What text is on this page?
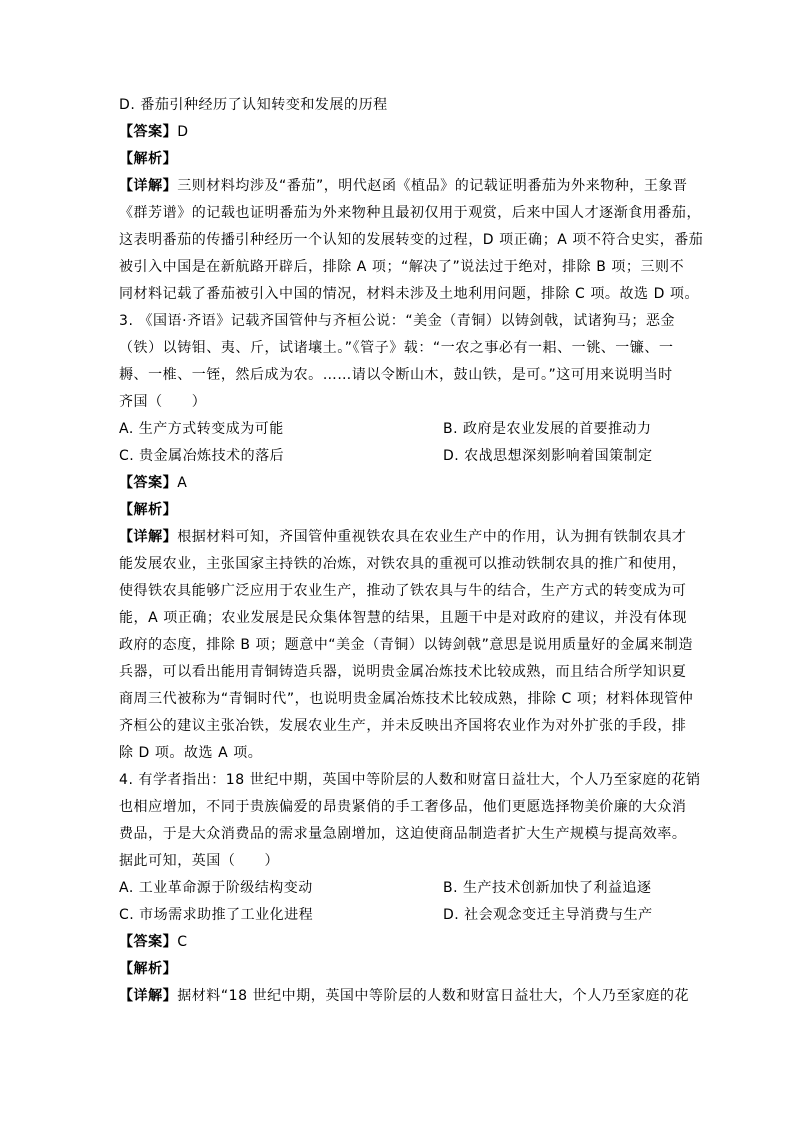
D. 番茄引种经历了认知转变和发展的历程
【答案】D
【解析】
【详解】三则材料均涉及“番茄”，明代赵函《植品》的记载证明番茄为外来物种，王象晋
《群芳谱》的记载也证明番茄为外来物种且最初仅用于观赏，后来中国人才逐渐食用番茄，
这表明番茄的传播引种经历一个认知的发展转变的过程，D 项正确；A 项不符合史实，番茄
被引入中国是在新航路开辟后，排除 A 项；“解决了”说法过于绝对，排除 B 项；三则不
同材料记载了番茄被引入中国的情况，材料未涉及土地利用问题，排除 C 项。故选 D 项。
3. 《国语·齐语》记载齐国管仲与齐桓公说：“美金（青铜）以铸剑戟，试诸狗马；恶金
（铁）以铸钼、夷、斤，试诸壤土。”《管子》载：“一农之事必有一耜、一铫、一镰、一
耨、一椎、一铚，然后成为农。……请以令断山木，鼓山铁，是可。”这可用来说明当时
齐国（　　）
A. 生产方式转变成为可能	B. 政府是农业发展的首要推动力
C. 贵金属冶炼技术的落后	D. 农战思想深刻影响着国策制定
【答案】A
【解析】
【详解】根据材料可知，齐国管仲重视铁农具在农业生产中的作用，认为拥有铁制农具才
能发展农业，主张国家主持铁的冶炼，对铁农具的重视可以推动铁制农具的推广和使用，
使得铁农具能够广泛应用于农业生产，推动了铁农具与牛的结合，生产方式的转变成为可
能，A 项正确；农业发展是民众集体智慧的结果，且题干中是对政府的建议，并没有体现
政府的态度，排除 B 项；题意中“美金（青铜）以铸剑戟”意思是说用质量好的金属来制造
兵器，可以看出能用青铜铸造兵器，说明贵金属冶炼技术比较成熟，而且结合所学知识夏
商周三代被称为“青铜时代”，也说明贵金属冶炼技术比较成熟，排除 C 项；材料体现管仲
齐桓公的建议主张冶铁，发展农业生产，并未反映出齐国将农业作为对外扩张的手段，排
除 D 项。故选 A 项。
4. 有学者指出：18 世纪中期，英国中等阶层的人数和财富日益壮大，个人乃至家庭的花销
也相应增加，不同于贵族偏爱的昂贵紧俏的手工奢侈品，他们更愿选择物美价廉的大众消
费品，于是大众消费品的需求量急剧增加，这迫使商品制造者扩大生产规模与提高效率。
据此可知，英国（　　）
A. 工业革命源于阶级结构变动	B. 生产技术创新加快了利益追逐
C. 市场需求助推了工业化进程	D. 社会观念变迁主导消费与生产
【答案】C
【解析】
【详解】据材料“18 世纪中期，英国中等阶层的人数和财富日益壮大，个人乃至家庭的花
